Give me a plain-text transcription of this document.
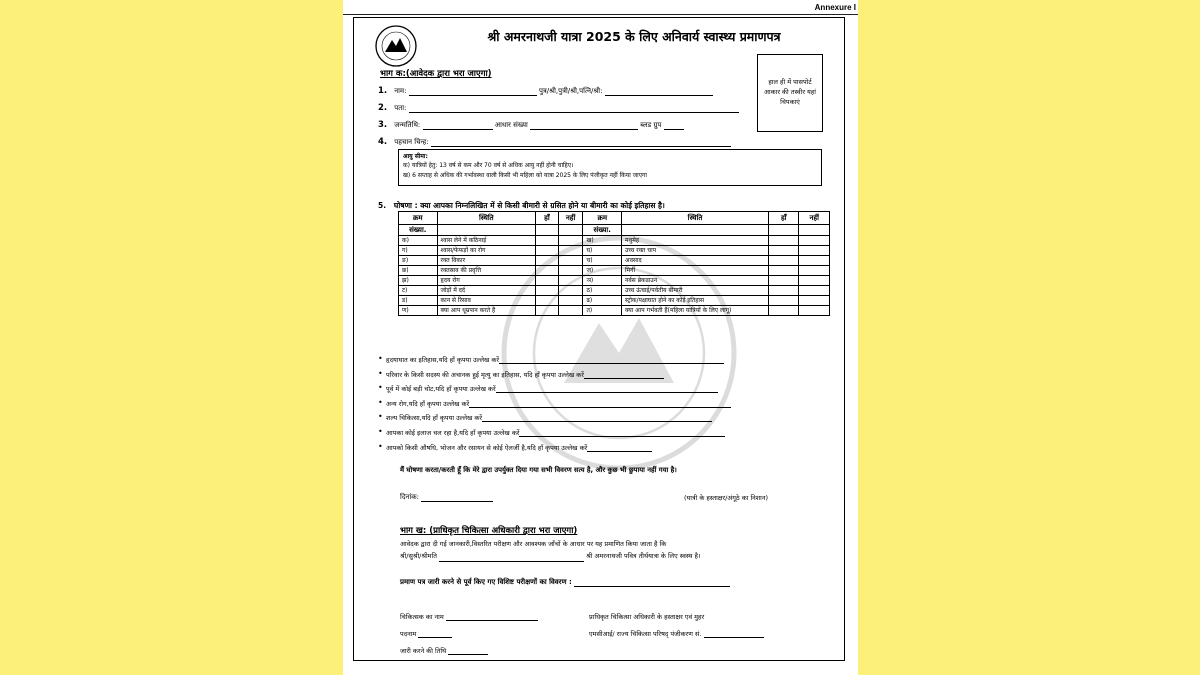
Annexure I
श्री अमरनाथजी यात्रा 2025 के लिए अनिवार्य स्वास्थ्य प्रमाणपत्र
हाल ही में पासपोर्ट आकार की तस्वीर यहां चिपकाएं
भाग क:(आवेदक द्वारा भरा जाएगा)
1. नाम:	पुत्र/श्री,पुत्री/श्री,पत्नि/श्री:
2. पता:
3. जन्मतिथि:	आधार संख्या	ब्लड ग्रुप
4. पहचान चिन्ह:
आयु सीमा:
क) यात्रियों हेतु: 13 वर्ष से कम और 70 वर्ष से अधिक आयु नहीं होनी चाहिए।
ख) 6 सप्ताह से अधिक की गर्भावस्था वाली किसी भी महिला को यात्रा 2025 के लिए पंजीकृत नहीं किया जाएगा
5. घोषणा : क्या आपका निम्नलिखित में से किसी बीमारी से ग्रसित होने या बीमारी का कोई इतिहास है।
क्रम	स्थिति	हाँ	नहीं	क्रम	स्थिति	हाँ	नहीं
संख्या.				संख्या.			
क)	श्वास लेने में कठिनाई			ख)	मधुमेह		
ग)	श्वास/फेफड़ों का रोग			घ)	उच्च रक्त चाप		
ङ)	रक्त विकार			च)	अवसाद		
छ)	रक्तस्राव की प्रवृत्ति			ज)	मिर्गी		
झ)	हृदय रोग			ञ)	नर्वस ब्रेकडाउन		
ट)	जोड़ों में दर्द			ठ)	उच्च ऊंचाई/पर्वतीय बीमारी		
ड)	कान से रिसाव			ढ)	स्ट्रोक/पक्षाघात होने का कोई इतिहास		
ण)	क्या आप धूम्रपान करते हैं			त)	क्या आप गर्भवती हैं(महिला यात्रियों के लिए लागू)		
• हृदयाघात का इतिहास,यदि हाँ कृपया उल्लेख करें
• परिवार के किसी सदस्य की अचानक हुई मृत्यु का इतिहास, यदि हाँ कृपया उल्लेख करें
• पूर्व में कोई बड़ी चोट,यदि हाँ कृपया उल्लेख करें
• अन्य रोग,यदि हाँ कृपया उल्लेख करें
• शल्य चिकित्सा,यदि हाँ कृपया उल्लेख करें
• आपका कोई इलाज चल रहा है,यदि हाँ कृपया उल्लेख करें
• आपको किसी औषधि, भोजन और रसायन से कोई ऐलर्जी है,यदि हाँ कृपया उल्लेख करें
मैं घोषणा करता/करती हूँ कि मेरे द्वारा उपर्युक्त दिया गया सभी विवरण सत्य है, और कुछ भी छुपाया नहीं गया है।
दिनांक:	(यात्री के हस्ताक्षर/अंगूठे का निशान)
भाग ख: (प्राधिकृत चिकित्सा अधिकारी द्वारा भरा जाएगा)
आवेदक द्वारा दी गई जानकारी,विस्तरित परीक्षण और आवश्यक जाँचों के आधार पर यह प्रमाणित किया जाता है कि
श्री/सुश्री/श्रीमति	श्री अमरनाथजी पवित्र तीर्थयात्रा के लिए स्वस्थ है।
प्रमाण पत्र जारी करने से पूर्व किए गए विशिष्ट परीक्षणों का विवरण :
चिकित्सक का नाम
पदनाम
जारी करने की तिथि
प्राधिकृत चिकित्सा अधिकारी के हस्ताक्षर एवं मुहर
एमसीआई/ राज्य चिकित्सा परिषद् पंजीकरण सं.
